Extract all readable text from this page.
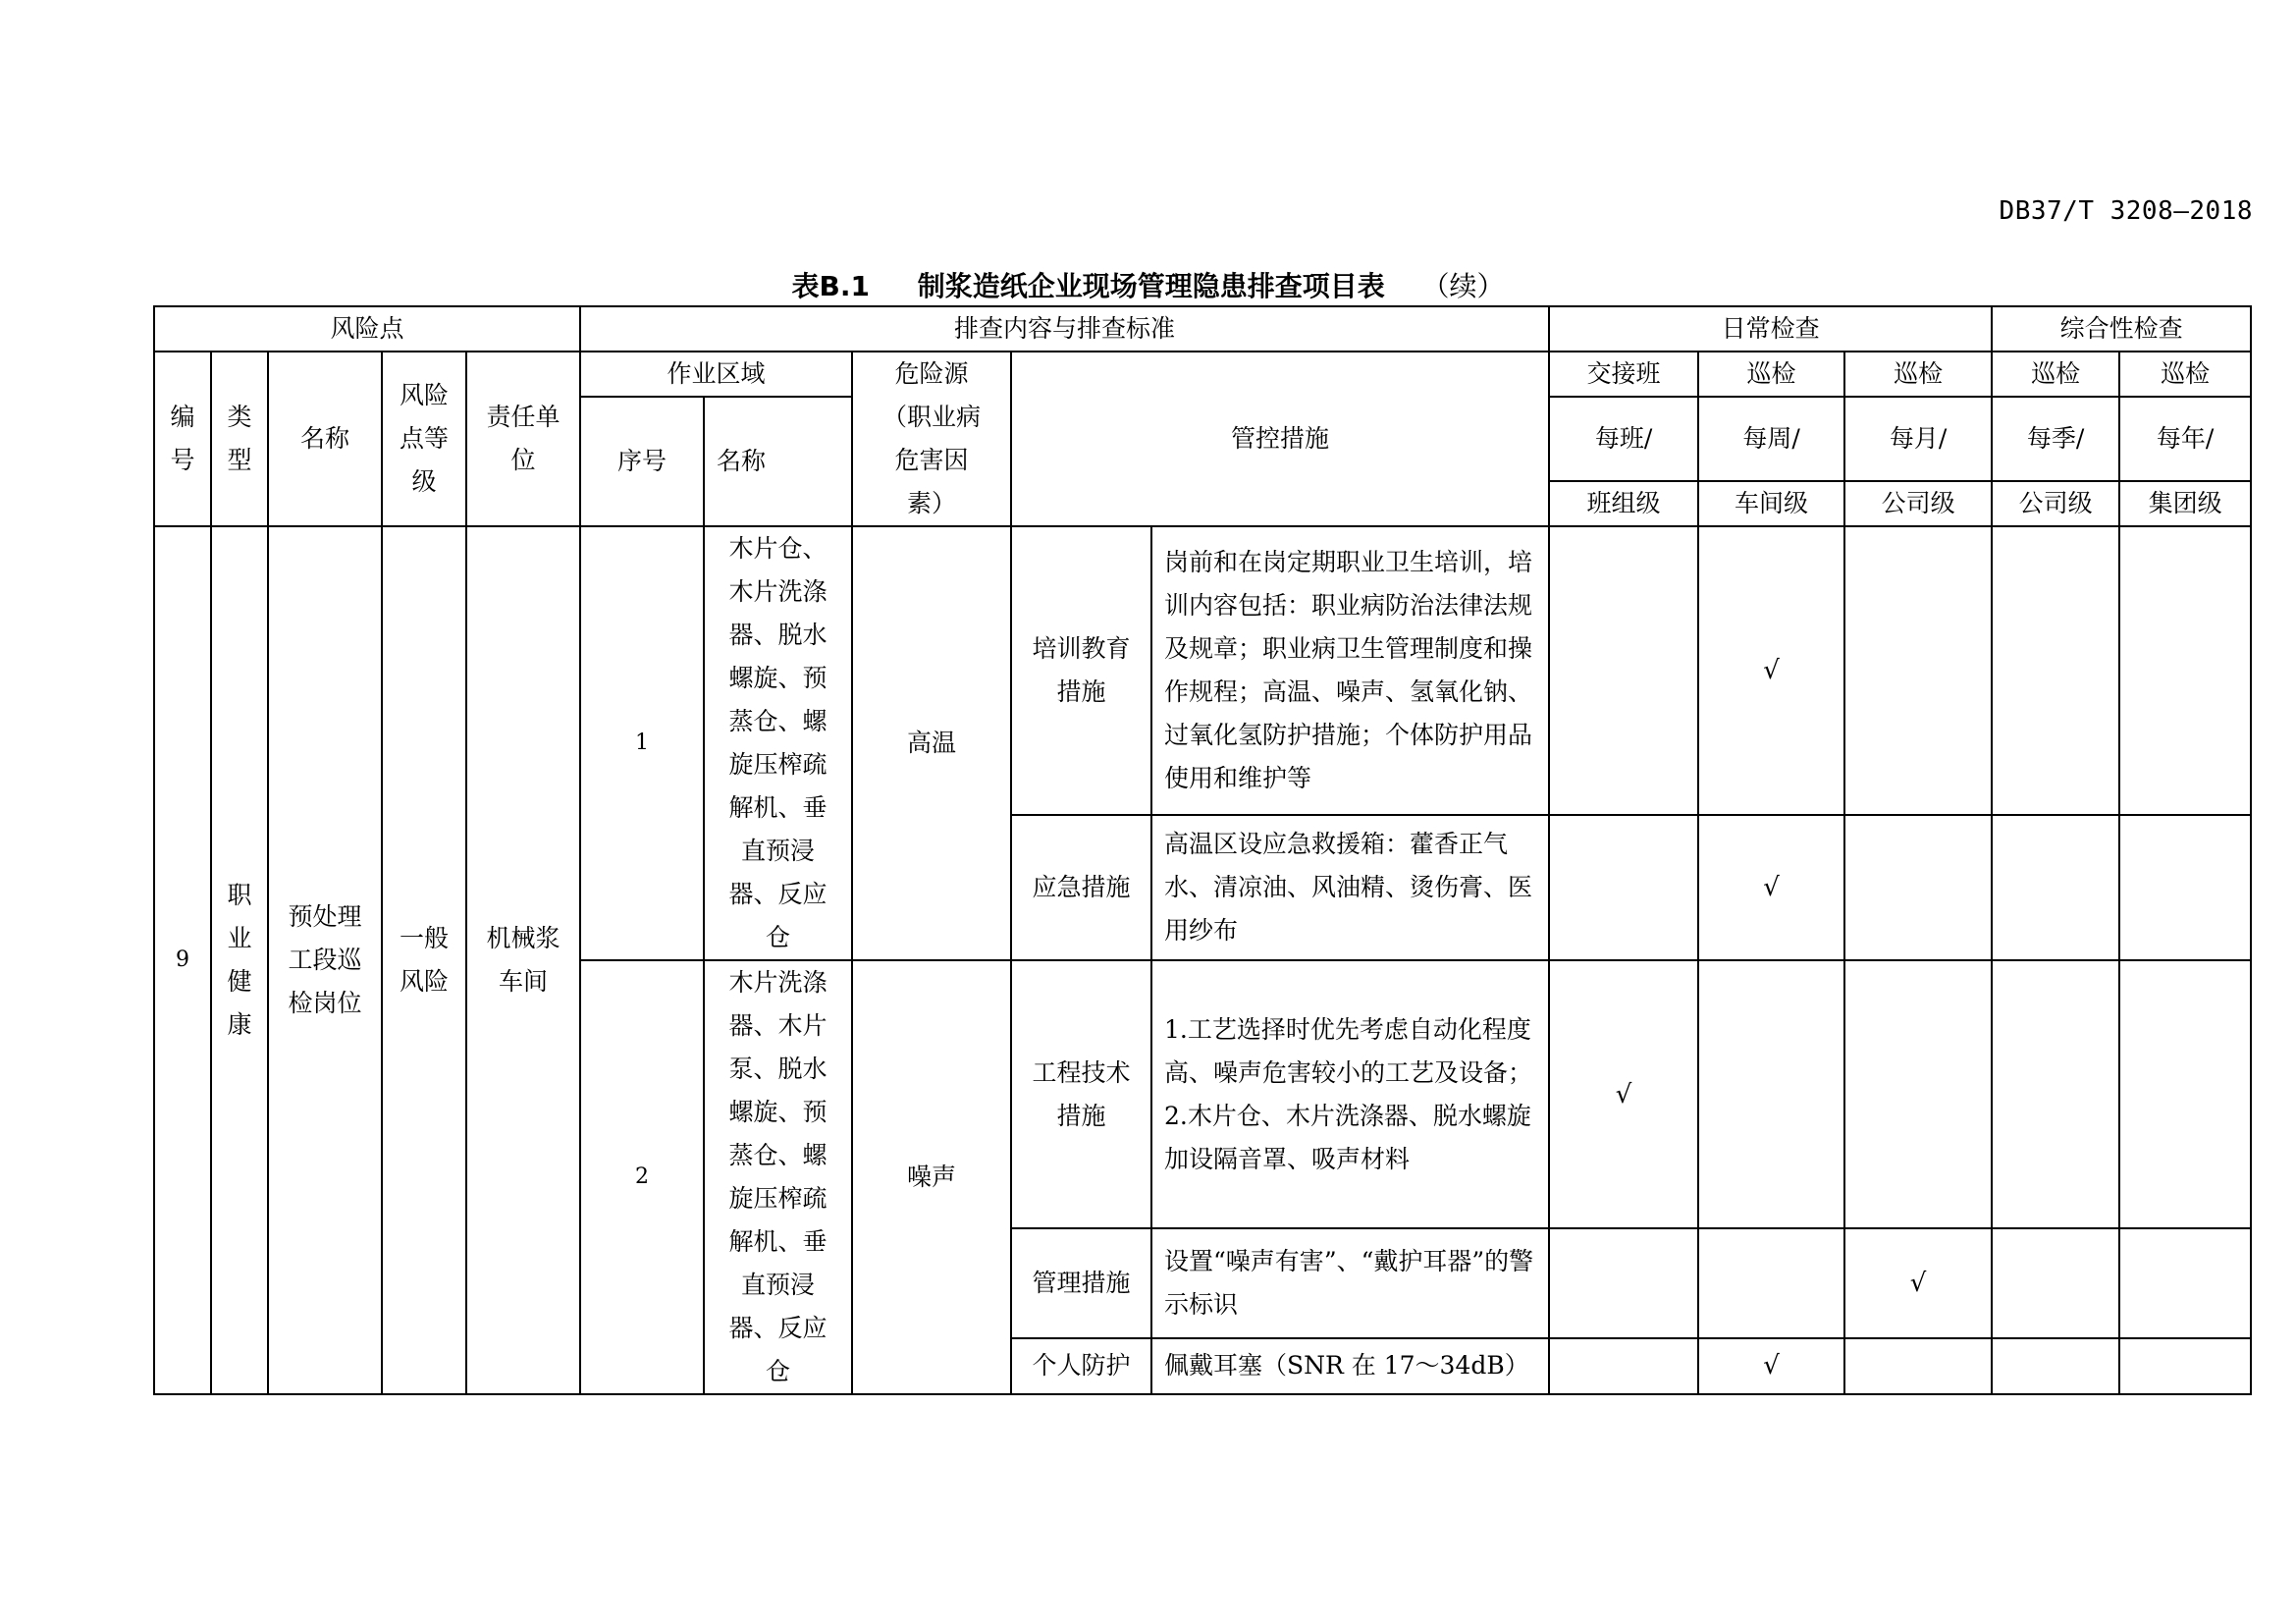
DB37/T 3208—2018
表B.1 制浆造纸企业现场管理隐患排查项目表 （续）
风险点					排查内容与排查标准					日常检查			综合性检查	

编号	类型	名称	风险点等级	责任单位	作业区域		危险源（职业病危害因素）	管控措施		交接班	巡检	巡检	巡检	巡检
					序号	名称				每班/	每周/	每月/	每季/	每年/
										班组级	车间级	公司级	公司级	集团级
9	职业健康	预处理工段巡检岗位	一般风险	机械浆车间	1	木片仓、木片洗涤器、脱水螺旋、预蒸仓、螺旋压榨疏解机、垂直预浸器、反应仓	高温	培训教育措施	岗前和在岗定期职业卫生培训，培训内容包括：职业病防治法律法规及规章；职业病卫生管理制度和操作规程；高温、噪声、氢氧化钠、过氧化氢防护措施；个体防护用品使用和维护等		√			
								应急措施	高温区设应急救援箱：藿香正气水、清凉油、风油精、烫伤膏、医用纱布		√			
					2	木片洗涤器、木片泵、脱水螺旋、预蒸仓、螺旋压榨疏解机、垂直预浸器、反应仓	噪声	工程技术措施	1.工艺选择时优先考虑自动化程度高、噪声危害较小的工艺及设备；
2.木片仓、木片洗涤器、脱水螺旋加设隔音罩、吸声材料	√				
								管理措施	设置“噪声有害”、“戴护耳器”的警示标识			√		
								个人防护	佩戴耳塞（SNR 在 17～34dB）		√			
